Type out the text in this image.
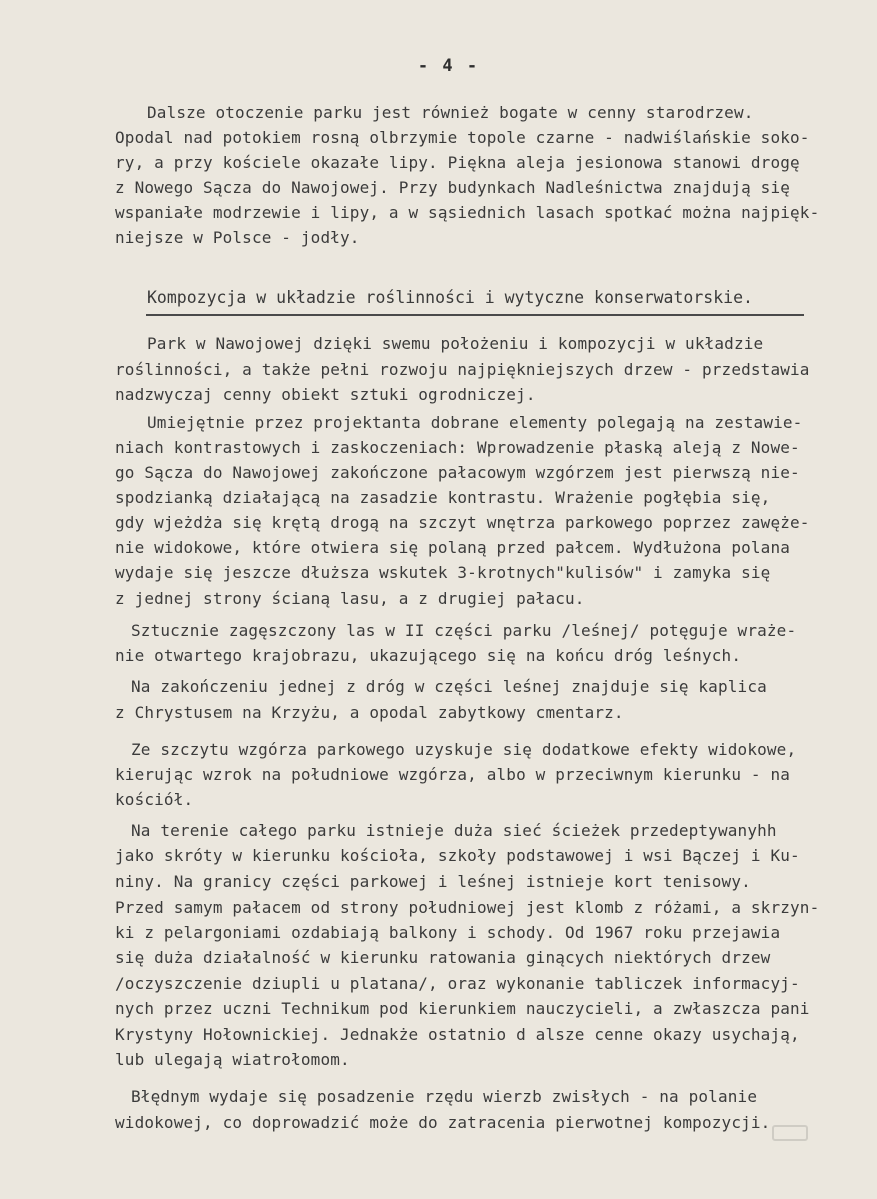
- 4 -
Dalsze otoczenie parku jest również bogate w cenny starodrzew.
Opodal nad potokiem rosną olbrzymie topole czarne - nadwiślańskie soko-
ry, a przy kościele okazałe lipy. Piękna aleja jesionowa stanowi drogę
z Nowego Sącza do Nawojowej. Przy budynkach Nadleśnictwa znajdują się
wspaniałe modrzewie i lipy, a w sąsiednich lasach spotkać można najpięk-
niejsze w Polsce - jodły.
Kompozycja w układzie roślinności i wytyczne konserwatorskie.
Park w Nawojowej dzięki swemu położeniu i kompozycji w układzie
roślinności, a także pełni rozwoju najpiękniejszych drzew - przedstawia
nadzwyczaj cenny obiekt sztuki ogrodniczej.
Umiejętnie przez projektanta dobrane elementy polegają na zestawie-
niach kontrastowych i zaskoczeniach: Wprowadzenie płaską aleją z Nowe-
go Sącza do Nawojowej zakończone pałacowym wzgórzem jest pierwszą nie-
spodzianką działającą na zasadzie kontrastu. Wrażenie pogłębia się,
gdy wjeżdża się krętą drogą na szczyt wnętrza parkowego poprzez zawęże-
nie widokowe, które otwiera się polaną przed pałcem. Wydłużona polana
wydaje się jeszcze dłuższa wskutek 3-krotnych"kulisów" i zamyka się
z jednej strony ścianą lasu, a z drugiej pałacu.
Sztucznie zagęszczony las w II części parku /leśnej/ potęguje wraże-
nie otwartego krajobrazu, ukazującego się na końcu dróg leśnych.
Na zakończeniu jednej z dróg w części leśnej znajduje się kaplica
z Chrystusem na Krzyżu, a opodal zabytkowy cmentarz.
Ze szczytu wzgórza parkowego uzyskuje się dodatkowe efekty widokowe,
kierując wzrok na południowe wzgórza, albo w przeciwnym kierunku - na
kościół.
Na terenie całego parku istnieje duża sieć ścieżek przedeptywanyhh
jako skróty w kierunku kościoła, szkoły podstawowej i wsi Bączej i Ku-
niny. Na granicy części parkowej i leśnej istnieje kort tenisowy.
Przed samym pałacem od strony południowej jest klomb z różami, a skrzyn-
ki z pelargoniami ozdabiają balkony i schody. Od 1967 roku przejawia
się duża działalność w kierunku ratowania ginących niektórych drzew
/oczyszczenie dziupli u platana/, oraz wykonanie tabliczek informacyj-
nych przez uczni Technikum pod kierunkiem nauczycieli, a zwłaszcza pani
Krystyny Hołownickiej. Jednakże ostatnio d alsze cenne okazy usychają,
lub ulegają wiatrołomom.
Błędnym wydaje się posadzenie rzędu wierzb zwisłych - na polanie
widokowej, co doprowadzić może do zatracenia pierwotnej kompozycji.
